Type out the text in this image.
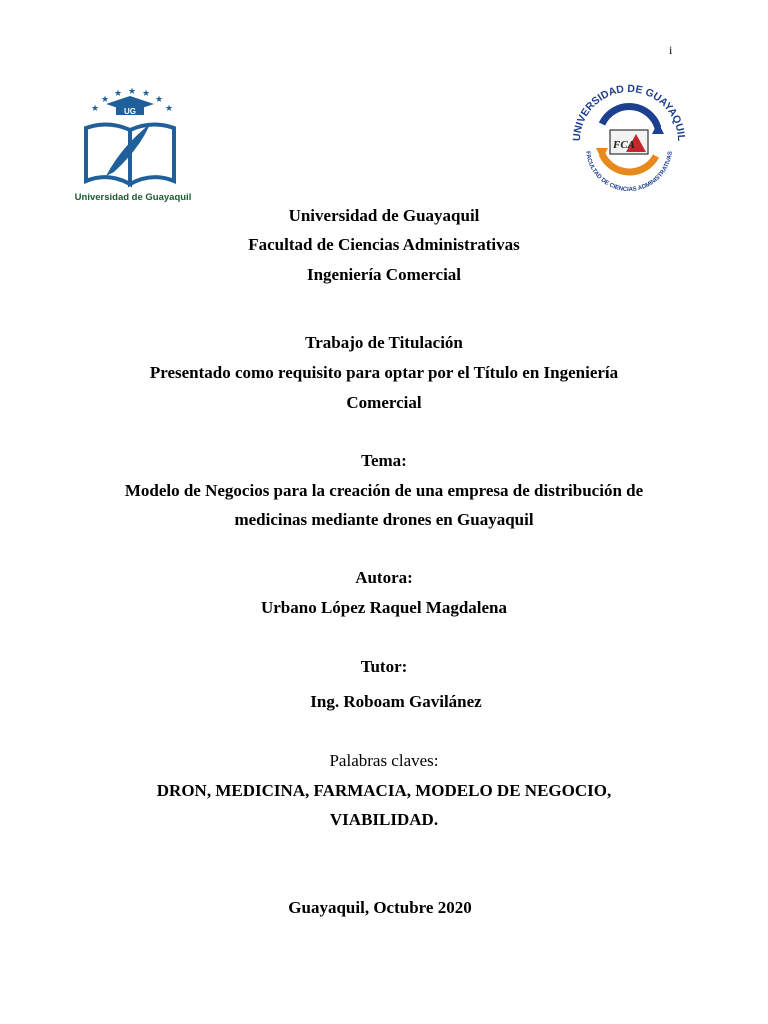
i
★
★
★ ★ ★
★
★
UG
Universidad de Guayaquil
UNIVERSIDAD DE GUAYAQUIL
FACULTAD DE CIENCIAS ADMINISTRATIVAS
FCA
Universidad de Guayaquil
Facultad de Ciencias Administrativas
Ingeniería Comercial
Trabajo de Titulación
Presentado como requisito para optar por el Título en Ingeniería
Comercial
Tema:
Modelo de Negocios para la creación de una empresa de distribución de
medicinas mediante drones en Guayaquil
Autora:
Urbano López Raquel Magdalena
Tutor:
Ing. Roboam Gavilánez
Palabras claves:
DRON, MEDICINA, FARMACIA, MODELO DE NEGOCIO,
VIABILIDAD.
Guayaquil, Octubre 2020
